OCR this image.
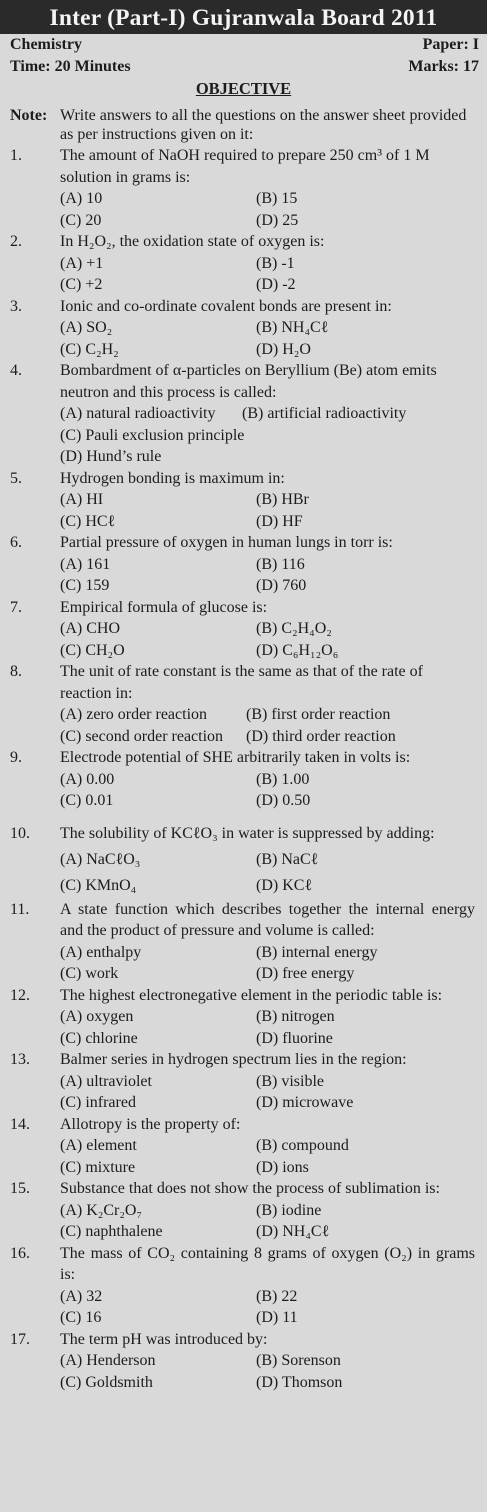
Inter (Part-I) Gujranwala Board 2011
Chemistry	Paper: I
Time: 20 Minutes	Marks: 17
OBJECTIVE
Note: Write answers to all the questions on the answer sheet provided as per instructions given on it:
1. The amount of NaOH required to prepare 250 cm³ of 1 M solution in grams is:
(A) 10	(B) 15
(C) 20	(D) 25
2. In H₂O₂, the oxidation state of oxygen is:
(A) +1	(B) -1
(C) +2	(D) -2
3. Ionic and co-ordinate covalent bonds are present in:
(A) SO₂	(B) NH₄Cℓ
(C) C₂H₂	(D) H₂O
4. Bombardment of α-particles on Beryllium (Be) atom emits neutron and this process is called:
(A) natural radioactivity	(B) artificial radioactivity
(C) Pauli exclusion principle
(D) Hund’s rule
5. Hydrogen bonding is maximum in:
(A) HI	(B) HBr
(C) HCℓ	(D) HF
6. Partial pressure of oxygen in human lungs in torr is:
(A) 161	(B) 116
(C) 159	(D) 760
7. Empirical formula of glucose is:
(A) CHO	(B) C₂H₄O₂
(C) CH₂O	(D) C₆H₁₂O₆
8. The unit of rate constant is the same as that of the rate of reaction in:
(A) zero order reaction	(B) first order reaction
(C) second order reaction	(D) third order reaction
9. Electrode potential of SHE arbitrarily taken in volts is:
(A) 0.00	(B) 1.00
(C) 0.01	(D) 0.50
10. The solubility of KCℓO₃ in water is suppressed by adding:
(A) NaCℓO₃	(B) NaCℓ
(C) KMnO₄	(D) KCℓ
11. A state function which describes together the internal energy and the product of pressure and volume is called:
(A) enthalpy	(B) internal energy
(C) work	(D) free energy
12. The highest electronegative element in the periodic table is:
(A) oxygen	(B) nitrogen
(C) chlorine	(D) fluorine
13. Balmer series in hydrogen spectrum lies in the region:
(A) ultraviolet	(B) visible
(C) infrared	(D) microwave
14. Allotropy is the property of:
(A) element	(B) compound
(C) mixture	(D) ions
15. Substance that does not show the process of sublimation is:
(A) K₂Cr₂O₇	(B) iodine
(C) naphthalene	(D) NH₄Cℓ
16. The mass of CO₂ containing 8 grams of oxygen (O₂) in grams is:
(A) 32	(B) 22
(C) 16	(D) 11
17. The term pH was introduced by:
(A) Henderson	(B) Sorenson
(C) Goldsmith	(D) Thomson
